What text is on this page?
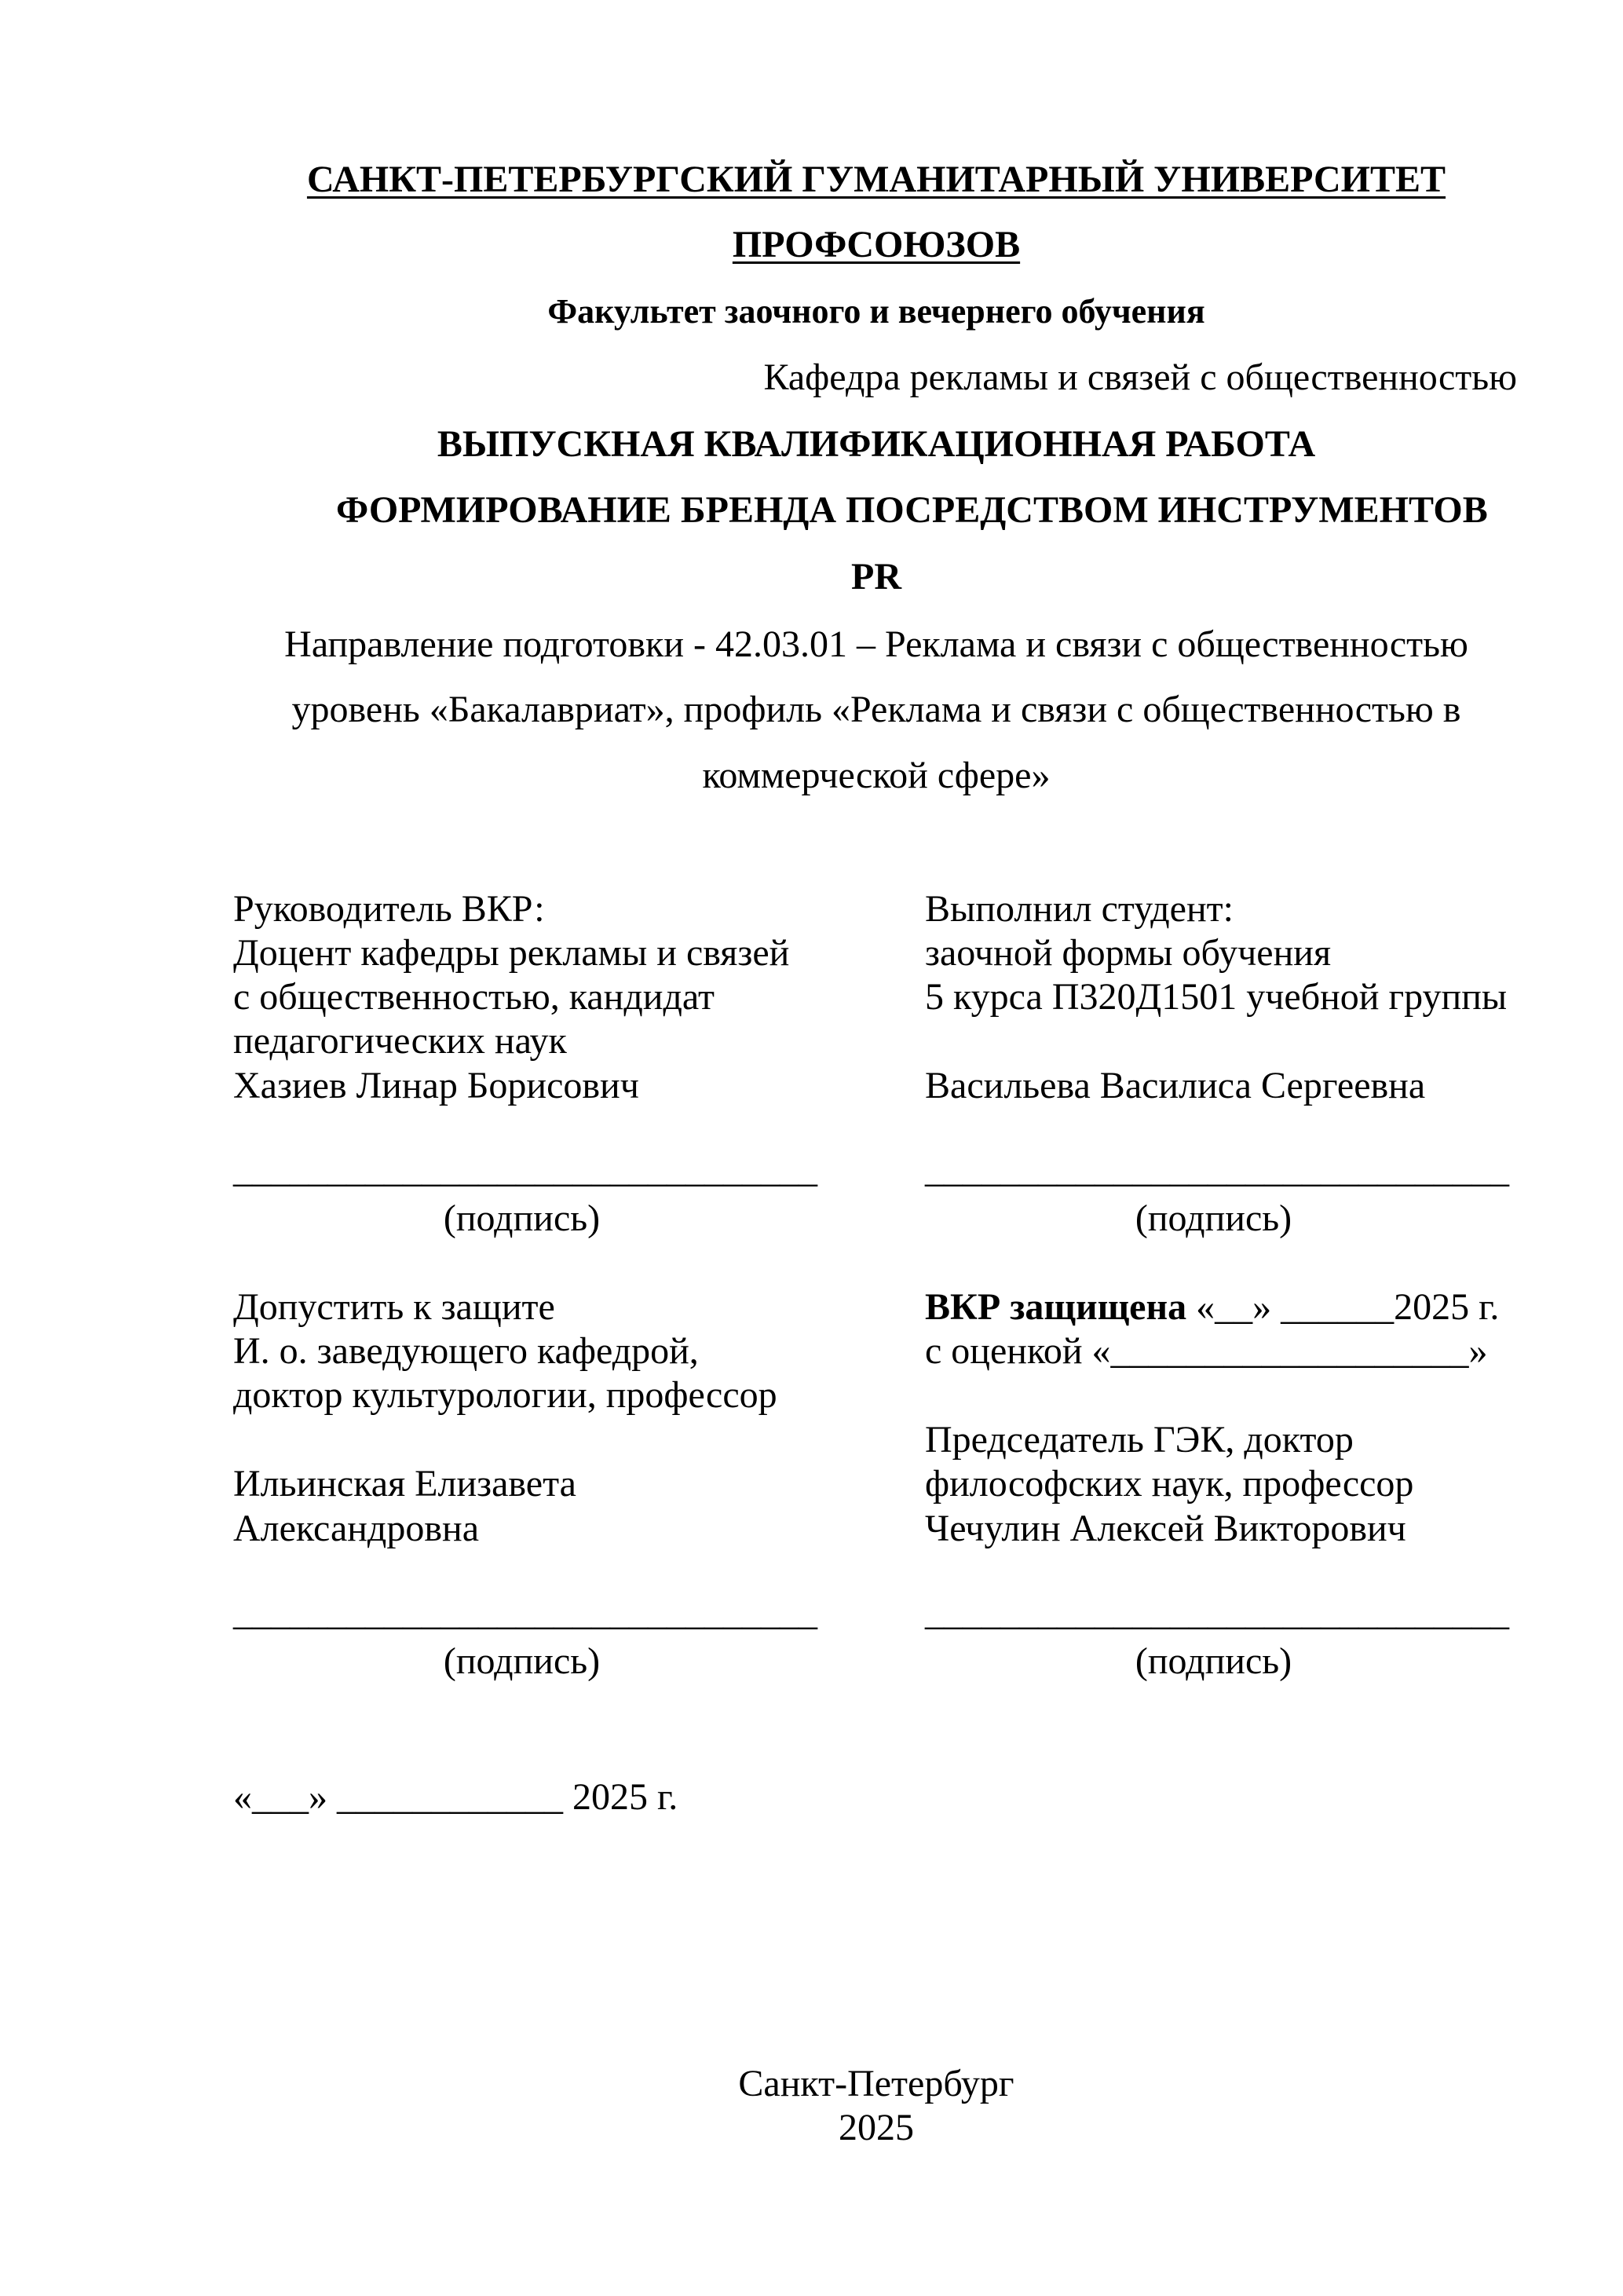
САНКТ-ПЕТЕРБУРГСКИЙ ГУМАНИТАРНЫЙ УНИВЕРСИТЕТ
ПРОФСОЮЗОВ
Факультет заочного и вечернего обучения
Кафедра рекламы и связей с общественностью
ВЫПУСКНАЯ КВАЛИФИКАЦИОННАЯ РАБОТА
ФОРМИРОВАНИЕ БРЕНДА ПОСРЕДСТВОМ ИНСТРУМЕНТОВ
PR
Направление подготовки - 42.03.01 – Реклама и связи с общественностью
уровень «Бакалавриат», профиль «Реклама и связи с общественностью в
коммерческой сфере»
Руководитель ВКР:
Доцент кафедры рекламы и связей
с общественностью, кандидат
педагогических наук
Хазиев Линар Борисович
_______________________________
(подпись)
Выполнил студент:
заочной формы обучения
5 курса П320Д1501 учебной группы
Васильева Василиса Сергеевна
_______________________________
(подпись)
Допустить к защите
И. о. заведующего кафедрой,
доктор культурологии, профессор
Ильинская Елизавета
Александровна
_______________________________
(подпись)
«___» ____________ 2025 г.
ВКР защищена «__» ______2025 г.
с оценкой «___________________»
Председатель ГЭК, доктор
философских наук, профессор
Чечулин Алексей Викторович
_______________________________
(подпись)
Санкт-Петербург
2025
